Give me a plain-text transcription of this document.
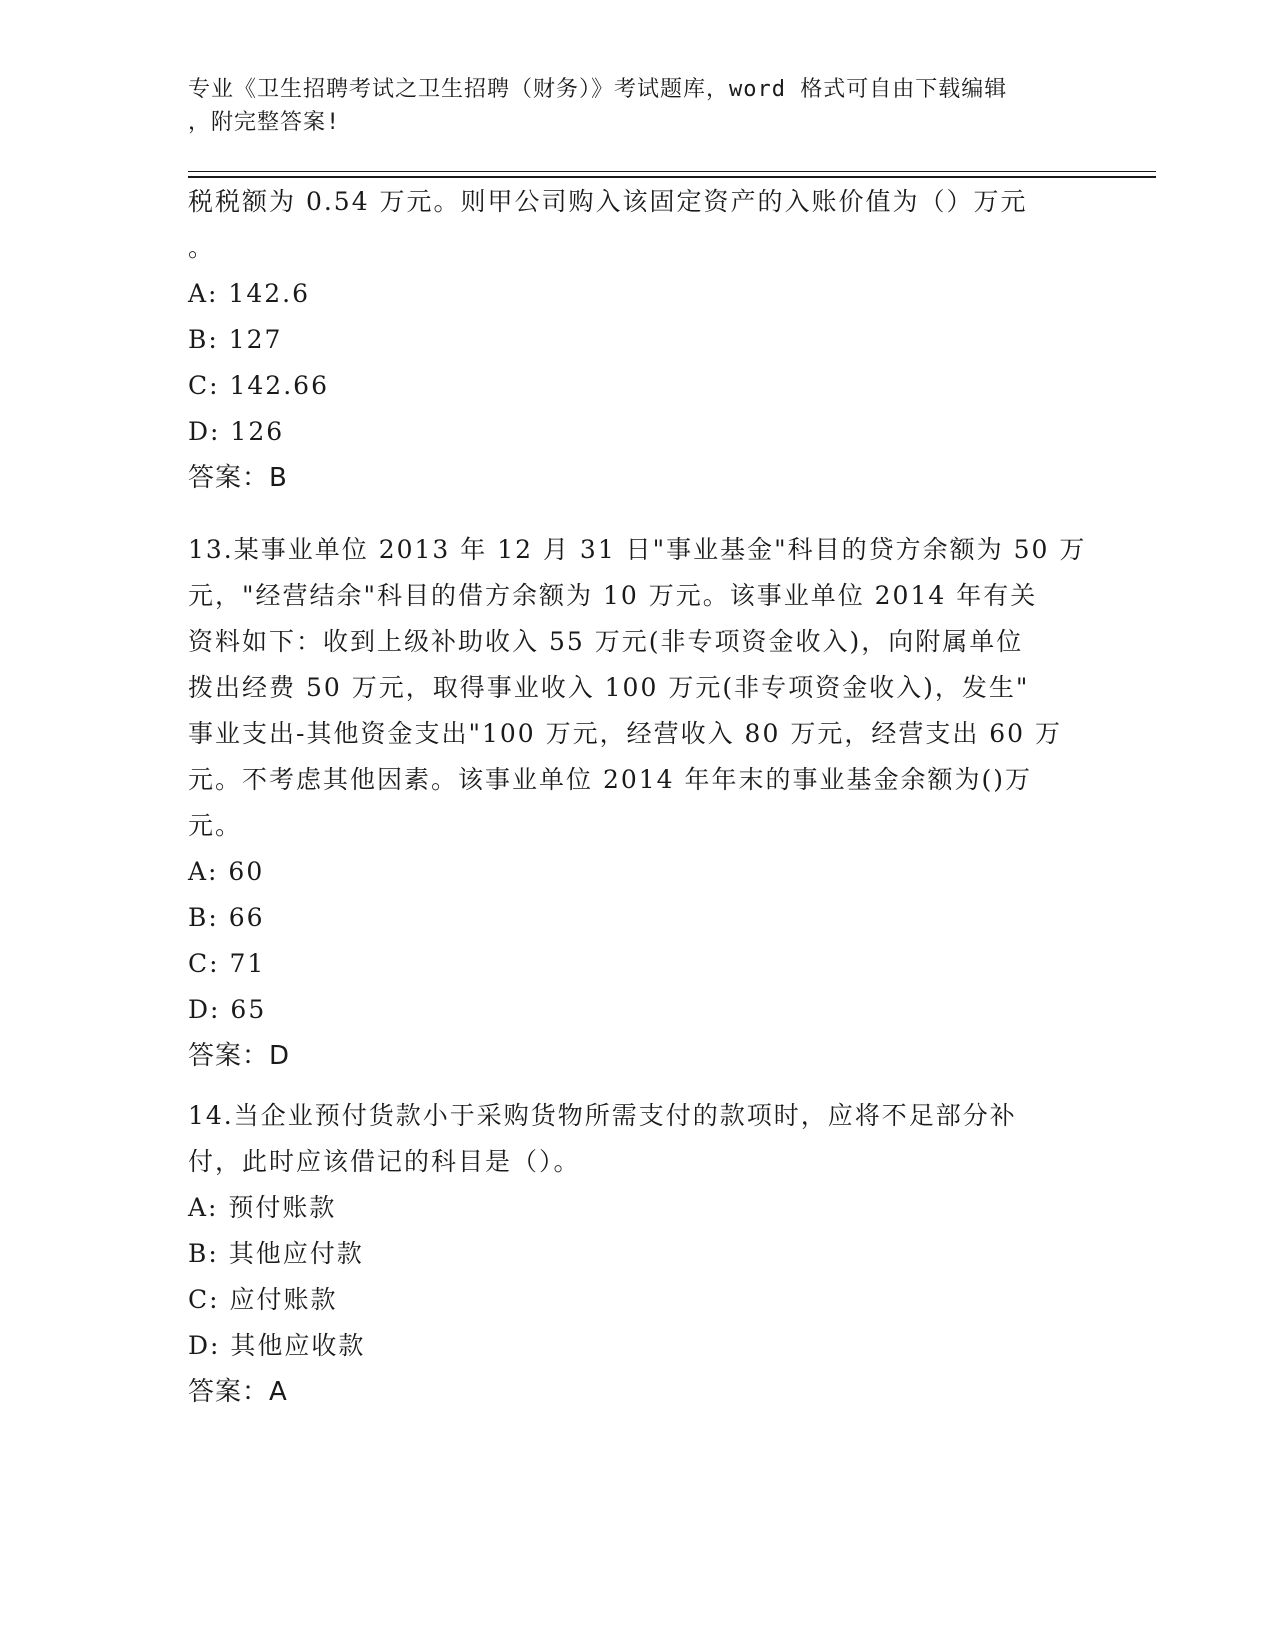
专业《卫生招聘考试之卫生招聘（财务）》考试题库，word 格式可自由下载编辑
，附完整答案!
税税额为 0.54 万元。则甲公司购入该固定资产的入账价值为（）万元
。
A: 142.6
B: 127
C: 142.66
D: 126
答案：B
13.某事业单位 2013 年 12 月 31 日"事业基金"科目的贷方余额为 50 万
元，"经营结余"科目的借方余额为 10 万元。该事业单位 2014 年有关
资料如下：收到上级补助收入 55 万元(非专项资金收入)，向附属单位
拨出经费 50 万元，取得事业收入 100 万元(非专项资金收入)，发生"
事业支出-其他资金支出"100 万元，经营收入 80 万元，经营支出 60 万
元。不考虑其他因素。该事业单位 2014 年年末的事业基金余额为()万
元。
A: 60
B: 66
C: 71
D: 65
答案：D
14.当企业预付货款小于采购货物所需支付的款项时，应将不足部分补
付，此时应该借记的科目是（）。
A: 预付账款
B: 其他应付款
C: 应付账款
D: 其他应收款
答案：A
